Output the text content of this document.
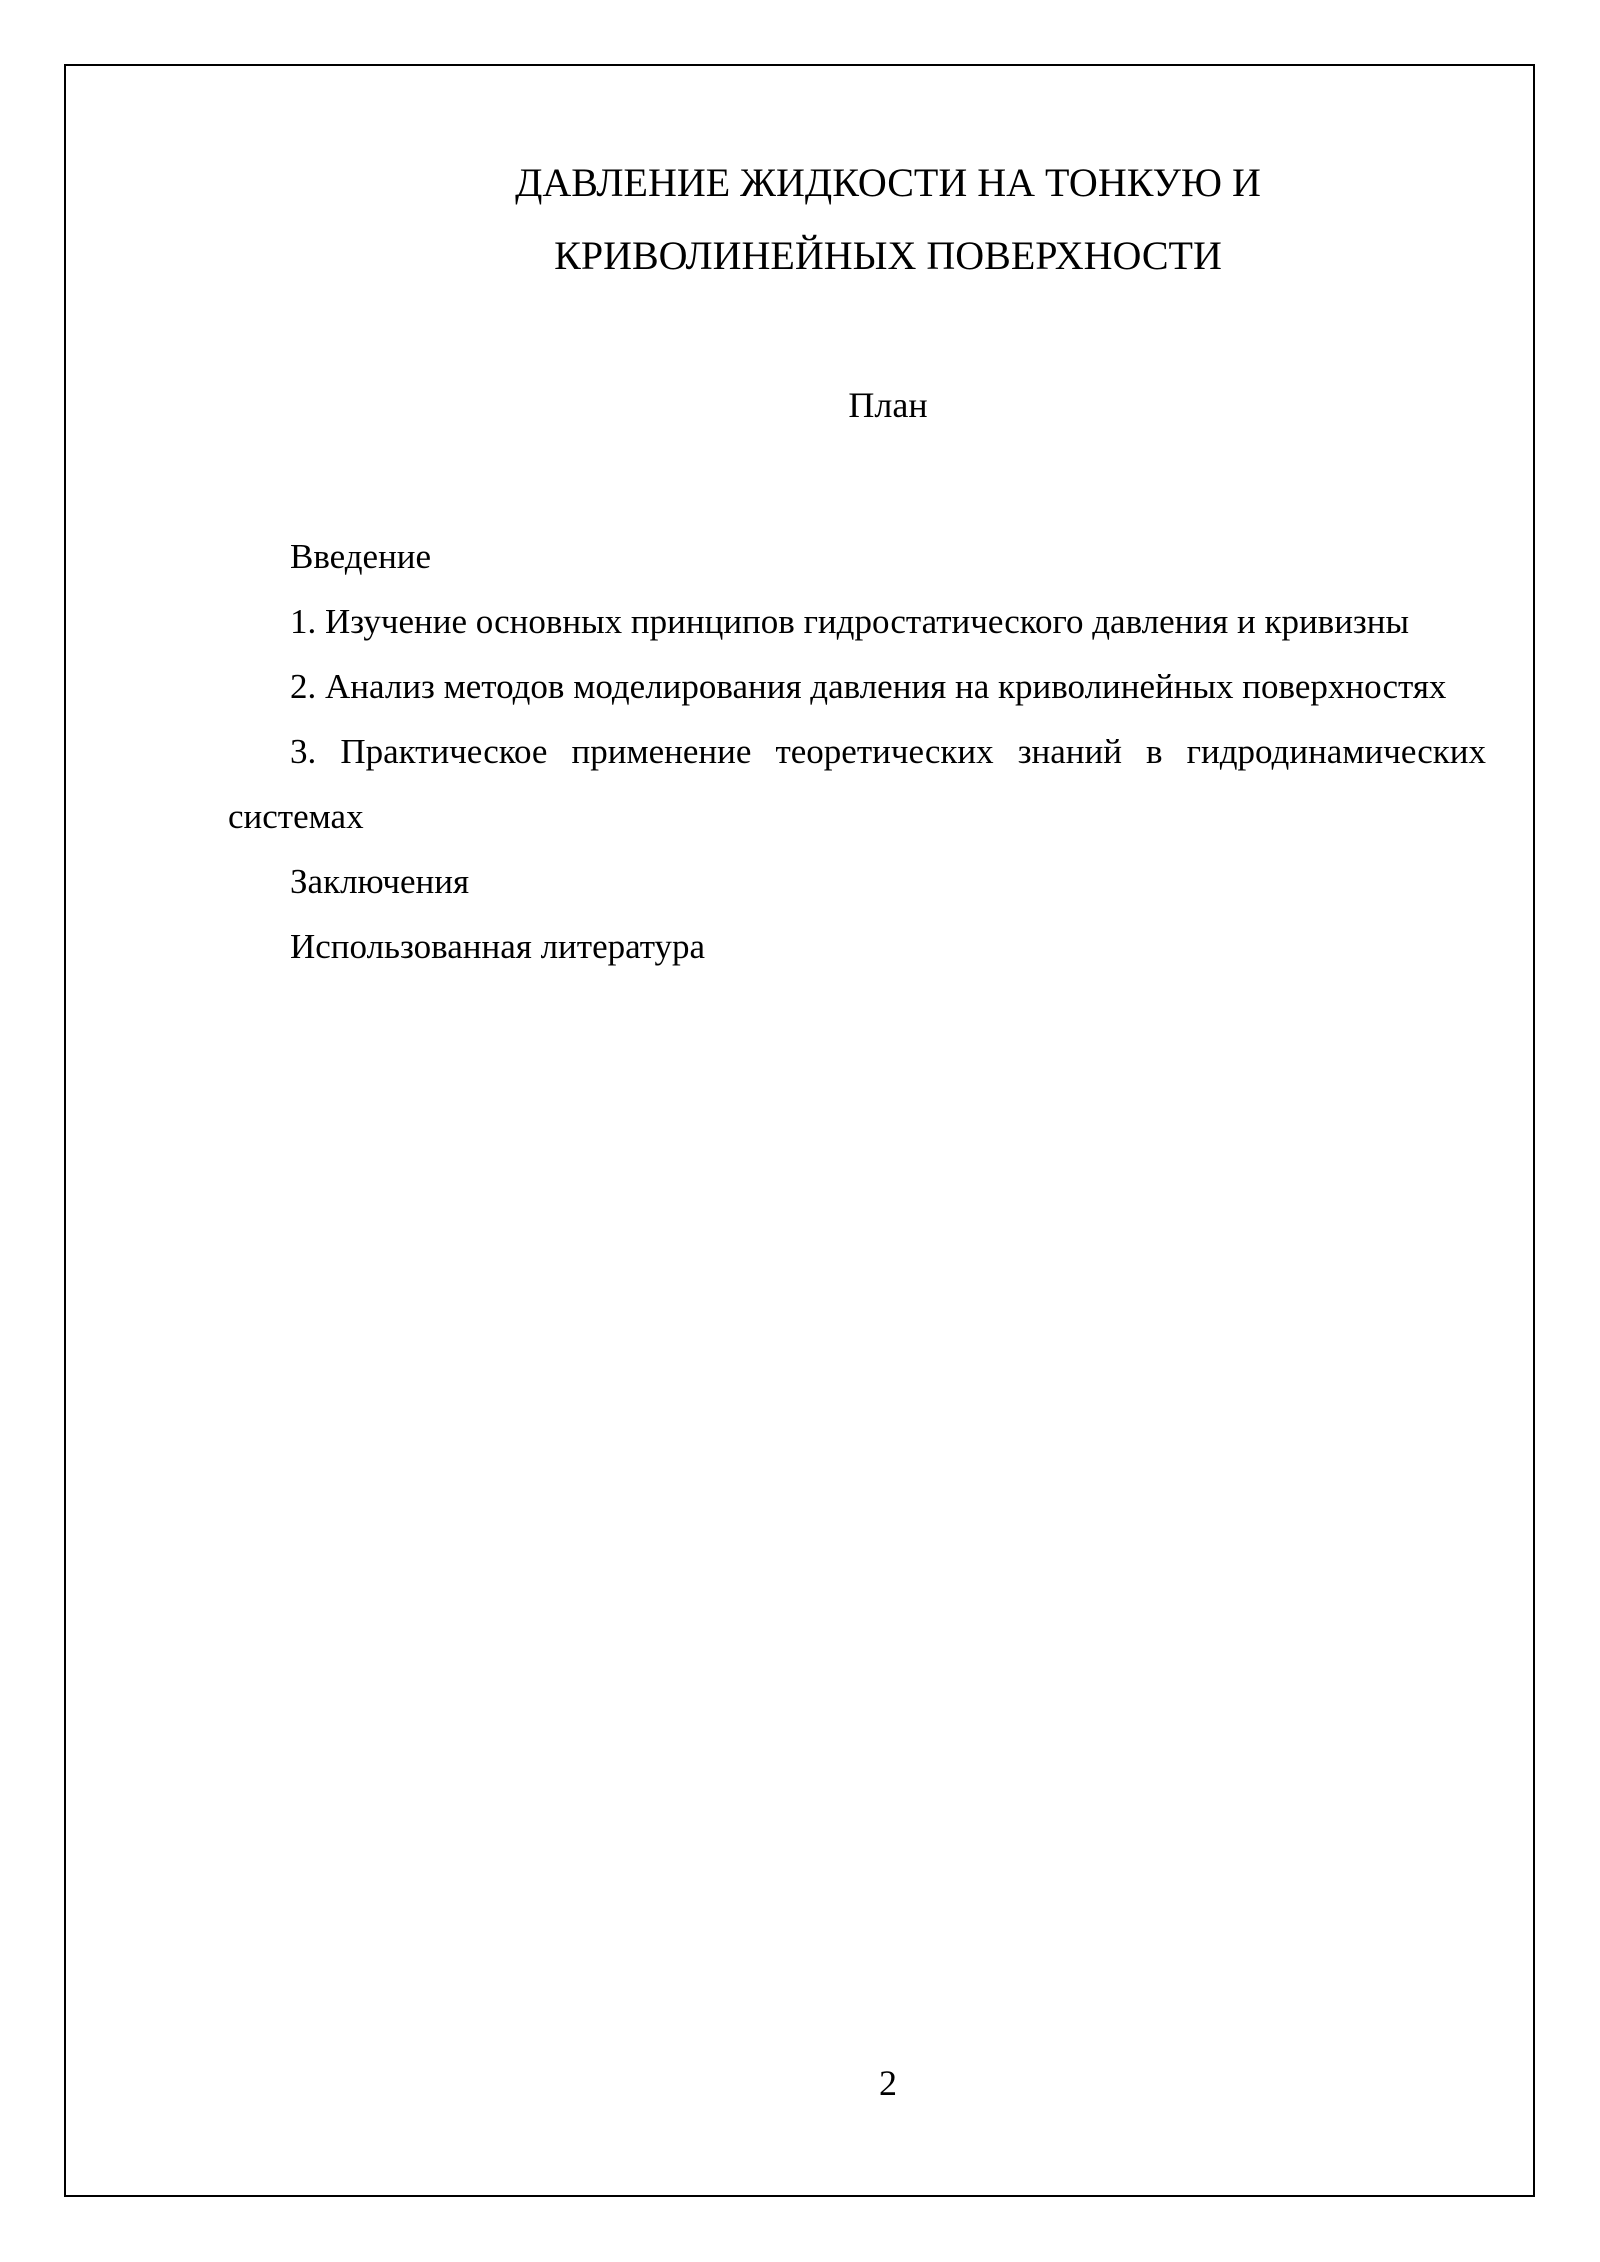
ДАВЛЕНИЕ ЖИДКОСТИ НА ТОНКУЮ И
КРИВОЛИНЕЙНЫХ ПОВЕРХНОСТИ
План
Введение
1. Изучение основных принципов гидростатического давления и кривизны
2. Анализ методов моделирования давления на криволинейных поверхностях
3. Практическое применение теоретических знаний в гидродинамических системах
Заключения
Использованная литература
2
